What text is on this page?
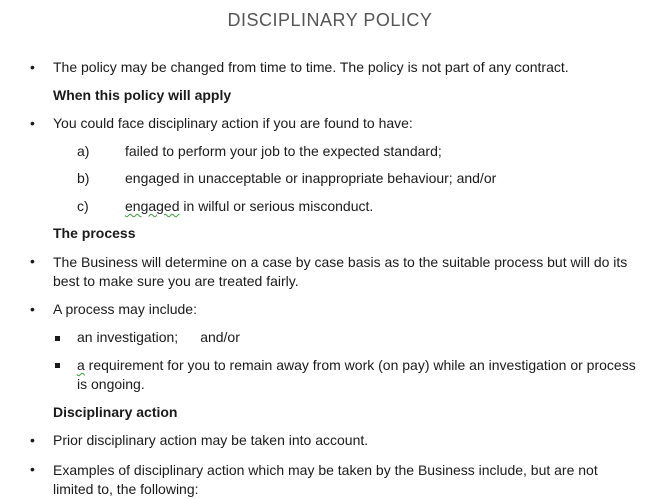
DISCIPLINARY POLICY
• The policy may be changed from time to time. The policy is not part of any contract.
When this policy will apply
• You could face disciplinary action if you are found to have:
a)	failed to perform your job to the expected standard;
b)	engaged in unacceptable or inappropriate behaviour; and/or
c)	engaged in wilful or serious misconduct.
The process
• The Business will determine on a case by case basis as to the suitable process but will do its best to make sure you are treated fairly.
• A process may include:
an investigation; and/or
a requirement for you to remain away from work (on pay) while an investigation or process is ongoing.
Disciplinary action
• Prior disciplinary action may be taken into account.
• Examples of disciplinary action which may be taken by the Business include, but are not limited to, the following:
